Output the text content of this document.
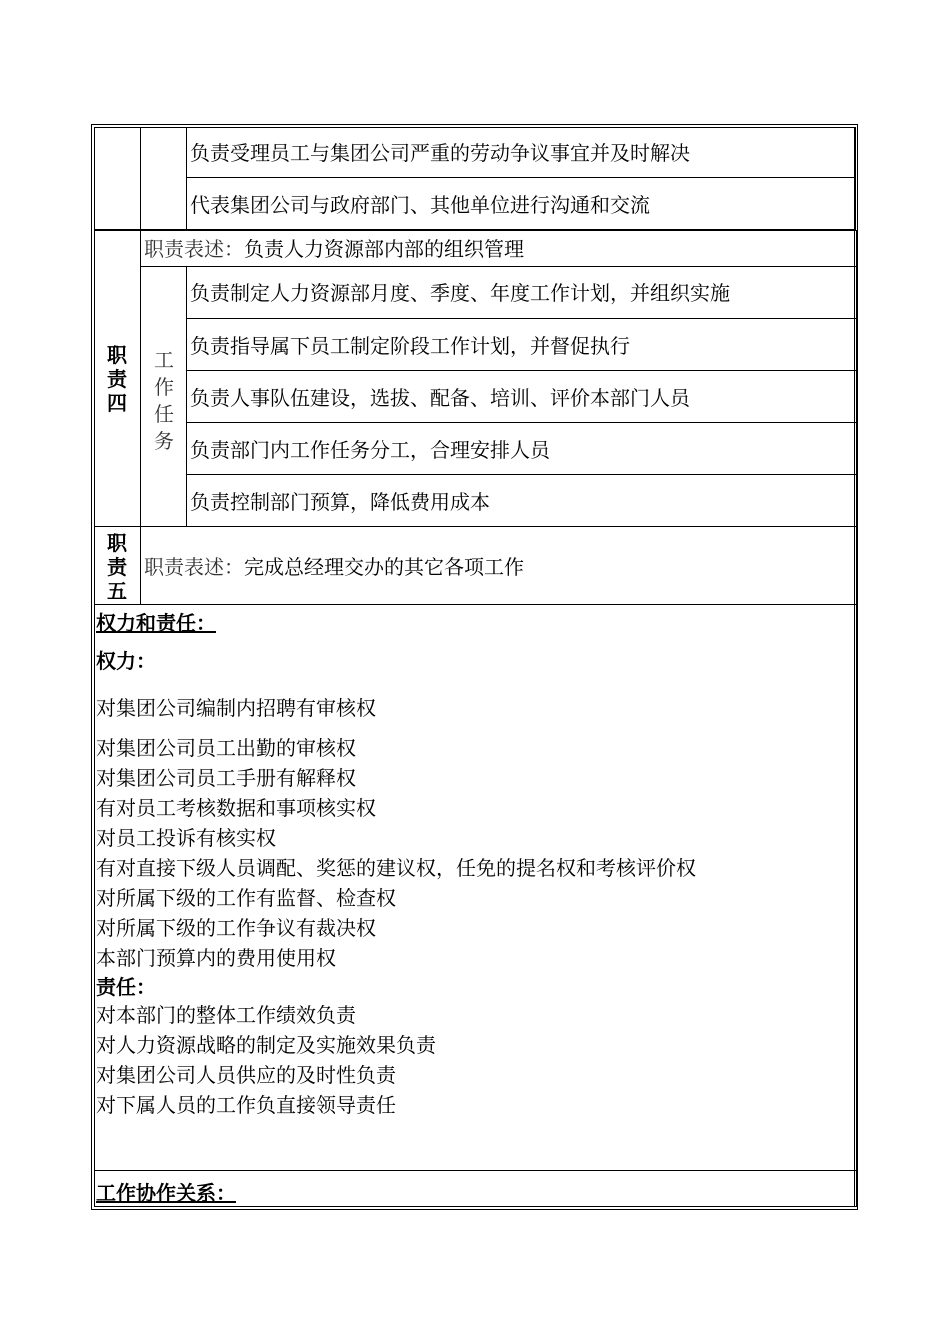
负责受理员工与集团公司严重的劳动争议事宜并及时解决
代表集团公司与政府部门、其他单位进行沟通和交流
职
责
四
职责表述：负责人力资源部内部的组织管理
工
作
任
务
负责制定人力资源部月度、季度、年度工作计划，并组织实施
负责指导属下员工制定阶段工作计划，并督促执行
负责人事队伍建设，选拔、配备、培训、评价本部门人员
负责部门内工作任务分工，合理安排人员
负责控制部门预算，降低费用成本
职
责
五
职责表述：完成总经理交办的其它各项工作
权力和责任：
权力：
对集团公司编制内招聘有审核权
对集团公司员工出勤的审核权
对集团公司员工手册有解释权
有对员工考核数据和事项核实权
对员工投诉有核实权
有对直接下级人员调配、奖惩的建议权，任免的提名权和考核评价权
对所属下级的工作有监督、检查权
对所属下级的工作争议有裁决权
本部门预算内的费用使用权
责任：
对本部门的整体工作绩效负责
对人力资源战略的制定及实施效果负责
对集团公司人员供应的及时性负责
对下属人员的工作负直接领导责任
工作协作关系：
